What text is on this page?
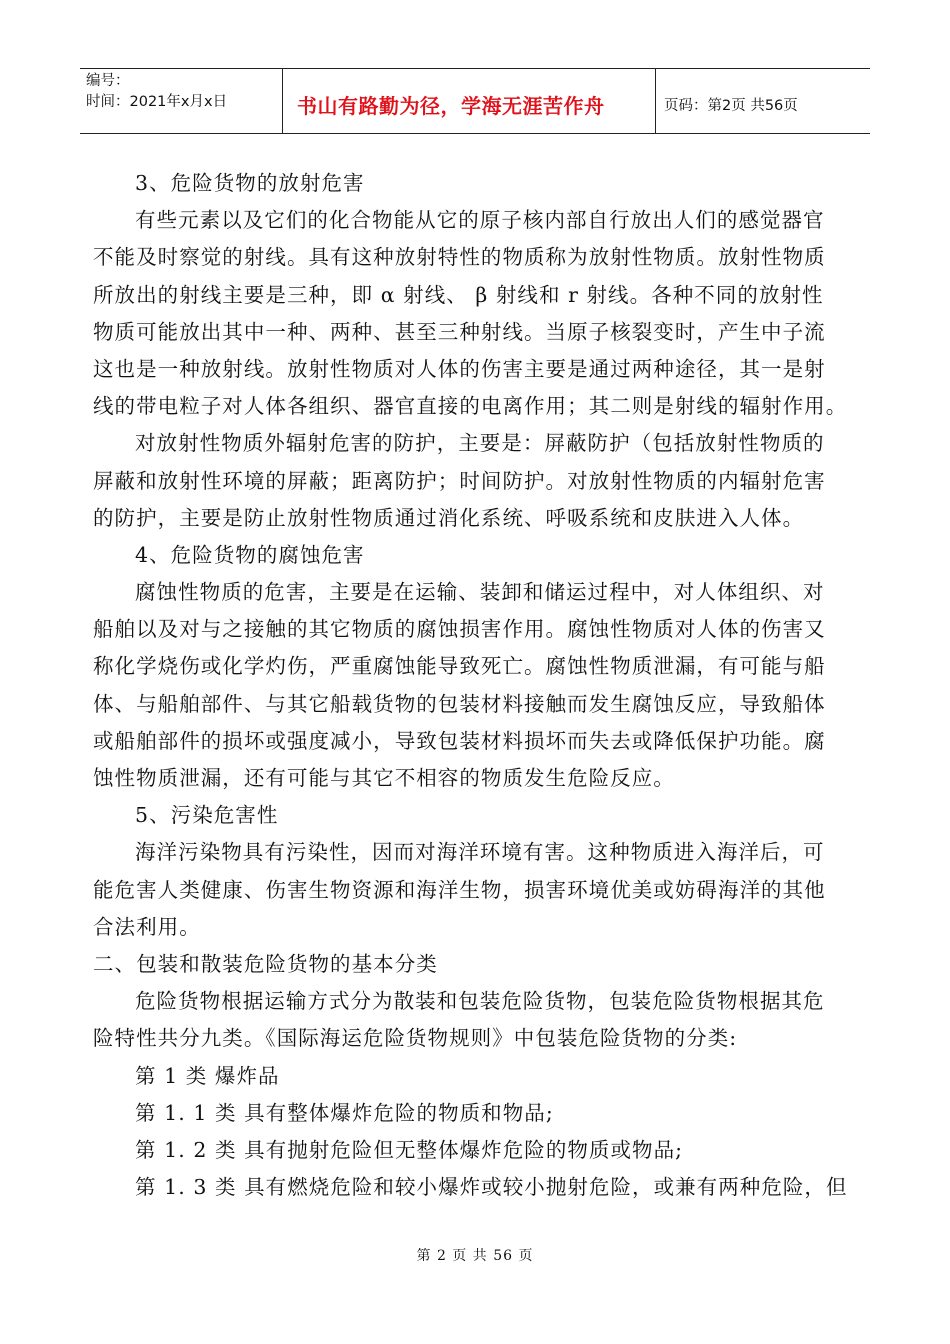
编号：
时间：2021年x月x日	书山有路勤为径，学海无涯苦作舟	页码：第2页 共56页
3、危险货物的放射危害
有些元素以及它们的化合物能从它的原子核内部自行放出人们的感觉器官
不能及时察觉的射线。具有这种放射特性的物质称为放射性物质。放射性物质
所放出的射线主要是三种，即 α 射线、 β 射线和 r 射线。各种不同的放射性
物质可能放出其中一种、两种、甚至三种射线。当原子核裂变时，产生中子流
这也是一种放射线。放射性物质对人体的伤害主要是通过两种途径，其一是射
线的带电粒子对人体各组织、器官直接的电离作用；其二则是射线的辐射作用。
对放射性物质外辐射危害的防护，主要是：屏蔽防护（包括放射性物质的
屏蔽和放射性环境的屏蔽；距离防护；时间防护。对放射性物质的内辐射危害
的防护，主要是防止放射性物质通过消化系统、呼吸系统和皮肤进入人体。
4、危险货物的腐蚀危害
腐蚀性物质的危害，主要是在运输、装卸和储运过程中，对人体组织、对
船舶以及对与之接触的其它物质的腐蚀损害作用。腐蚀性物质对人体的伤害又
称化学烧伤或化学灼伤，严重腐蚀能导致死亡。腐蚀性物质泄漏，有可能与船
体、与船舶部件、与其它船载货物的包装材料接触而发生腐蚀反应，导致船体
或船舶部件的损坏或强度减小，导致包装材料损坏而失去或降低保护功能。腐
蚀性物质泄漏，还有可能与其它不相容的物质发生危险反应。
5、污染危害性
海洋污染物具有污染性，因而对海洋环境有害。这种物质进入海洋后，可
能危害人类健康、伤害生物资源和海洋生物，损害环境优美或妨碍海洋的其他
合法利用。
二、包装和散装危险货物的基本分类
危险货物根据运输方式分为散装和包装危险货物，包装危险货物根据其危
险特性共分九类。《国际海运危险货物规则》中包装危险货物的分类:
第 1 类 爆炸品
第 1. 1 类 具有整体爆炸危险的物质和物品;
第 1. 2 类 具有抛射危险但无整体爆炸危险的物质或物品;
第 1. 3 类 具有燃烧危险和较小爆炸或较小抛射危险，或兼有两种危险，但
第 2 页 共 56 页
